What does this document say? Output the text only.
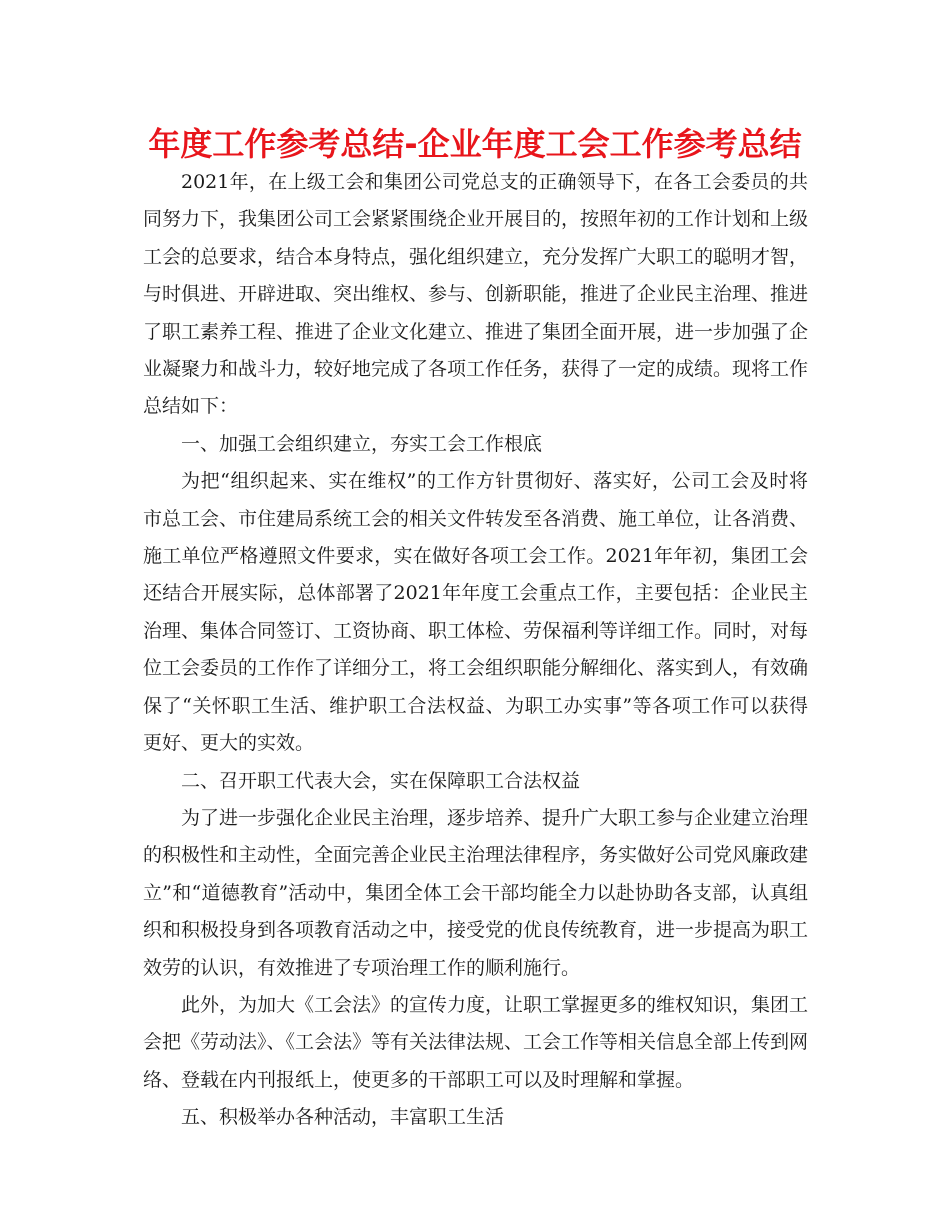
年度工作参考总结-企业年度工会工作参考总结

2021年，在上级工会和集团公司党总支的正确领导下，在各工会委员的共同努力下，我集团公司工会紧紧围绕企业开展目的，按照年初的工作计划和上级工会的总要求，结合本身特点，强化组织建立，充分发挥广大职工的聪明才智，与时俱进、开辟进取、突出维权、参与、创新职能，推进了企业民主治理、推进了职工素养工程、推进了企业文化建立、推进了集团全面开展，进一步加强了企业凝聚力和战斗力，较好地完成了各项工作任务，获得了一定的成绩。现将工作总结如下：

一、加强工会组织建立，夯实工会工作根底

为把“组织起来、实在维权”的工作方针贯彻好、落实好，公司工会及时将市总工会、市住建局系统工会的相关文件转发至各消费、施工单位，让各消费、施工单位严格遵照文件要求，实在做好各项工会工作。2021年年初，集团工会还结合开展实际，总体部署了2021年年度工会重点工作，主要包括：企业民主治理、集体合同签订、工资协商、职工体检、劳保福利等详细工作。同时，对每位工会委员的工作作了详细分工，将工会组织职能分解细化、落实到人，有效确保了“关怀职工生活、维护职工合法权益、为职工办实事”等各项工作可以获得更好、更大的实效。

二、召开职工代表大会，实在保障职工合法权益

为了进一步强化企业民主治理，逐步培养、提升广大职工参与企业建立治理的积极性和主动性，全面完善企业民主治理法律程序，务实做好公司党风廉政建立”和“道德教育”活动中，集团全体工会干部均能全力以赴协助各支部，认真组织和积极投身到各项教育活动之中，接受党的优良传统教育，进一步提高为职工效劳的认识，有效推进了专项治理工作的顺利施行。

此外，为加大《工会法》的宣传力度，让职工掌握更多的维权知识，集团工会把《劳动法》、《工会法》等有关法律法规、工会工作等相关信息全部上传到网络、登载在内刊报纸上，使更多的干部职工可以及时理解和掌握。

五、积极举办各种活动，丰富职工生活
